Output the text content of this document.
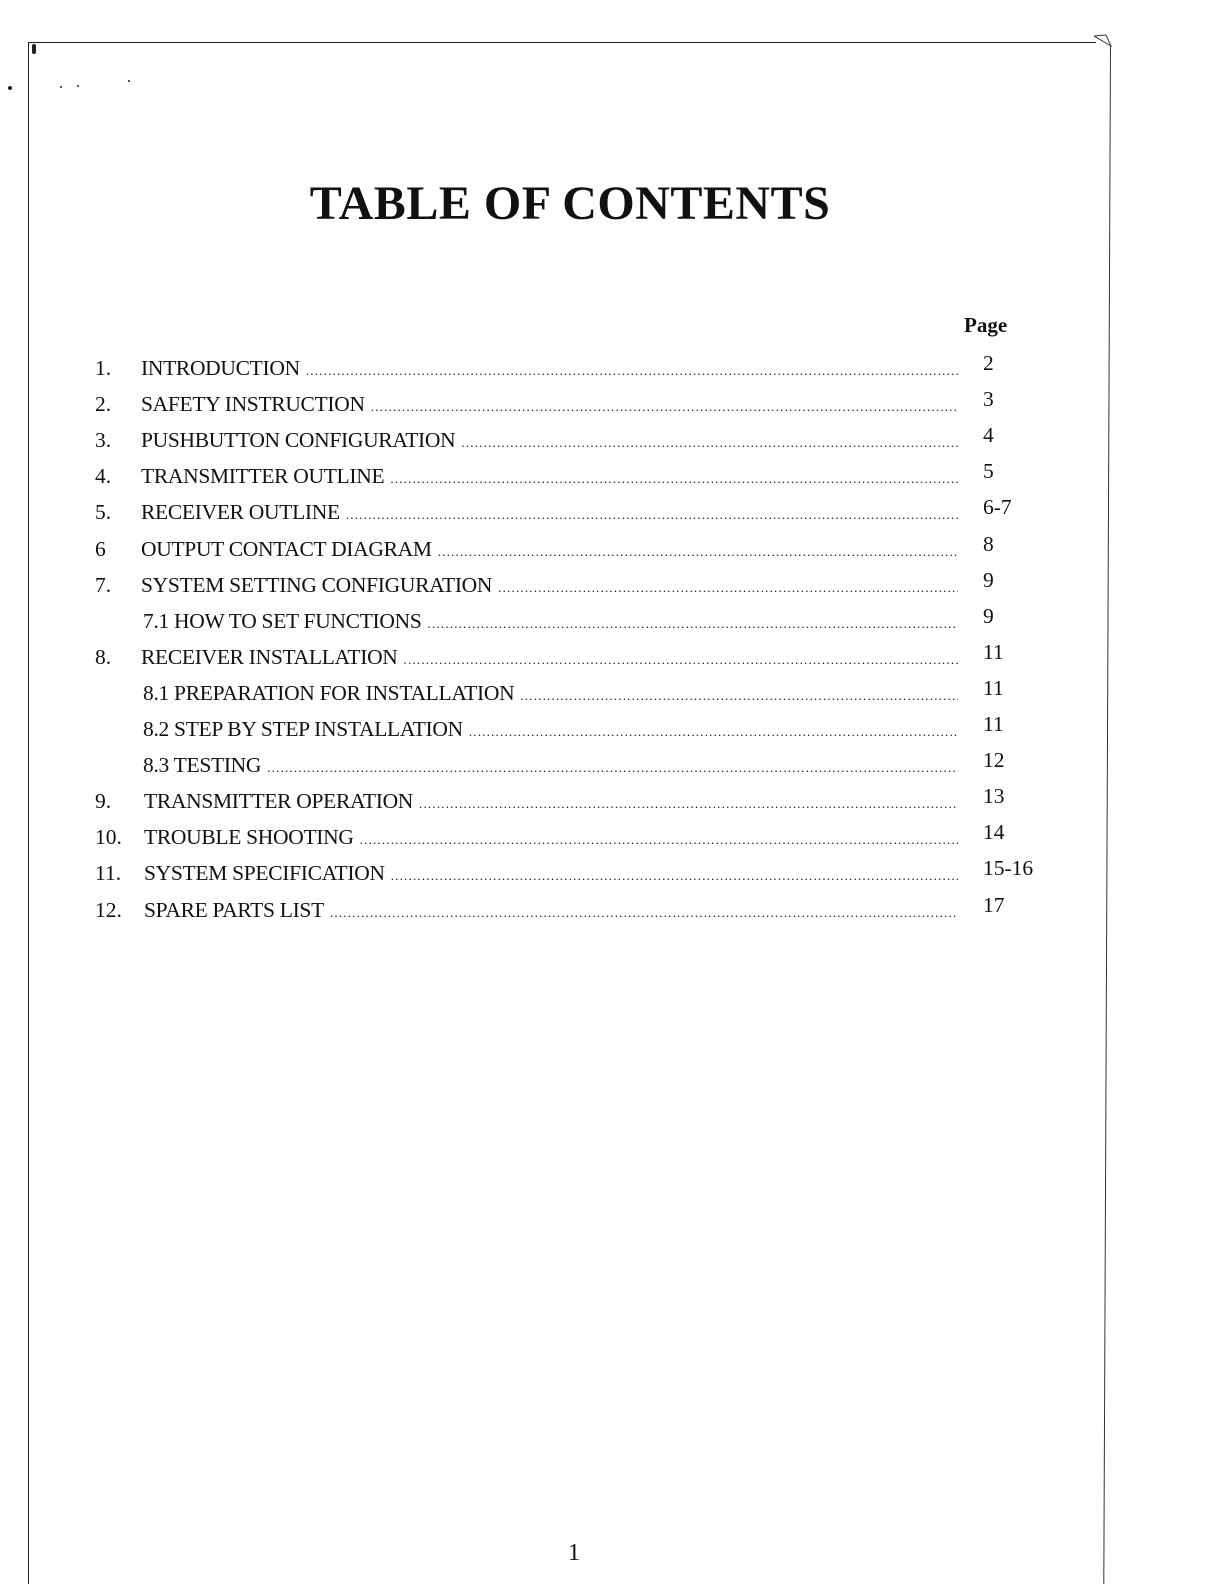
TABLE OF CONTENTS
Page
1. INTRODUCTION .....	2
2. SAFETY INSTRUCTION .....	3
3. PUSHBUTTON CONFIGURATION .....	4
4. TRANSMITTER OUTLINE .....	5
5. RECEIVER OUTLINE .....	6-7
6 OUTPUT CONTACT DIAGRAM .....	8
7. SYSTEM SETTING CONFIGURATION .....	9
7.1 HOW TO SET FUNCTIONS .....	9
8. RECEIVER INSTALLATION .....	11
8.1 PREPARATION FOR INSTALLATION .....	11
8.2 STEP BY STEP INSTALLATION .....	11
8.3 TESTING .....	12
9. TRANSMITTER OPERATION .....	13
10. TROUBLE SHOOTING .....	14
11. SYSTEM SPECIFICATION .....	15-16
12. SPARE PARTS LIST .....	17
1
